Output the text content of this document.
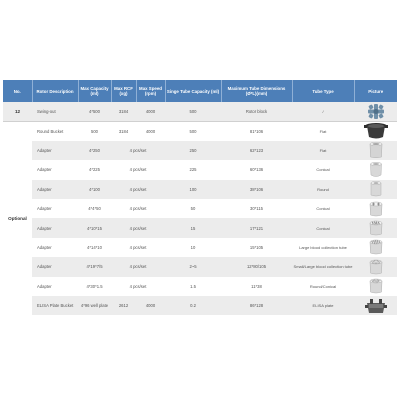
No.	Rotor Description	Max Capacity (ml)	Max RCF (xg)	Max Speed (rpm)	Singe Tube Capacity (ml)	Maximum Tube Dimensions (Ø*L)(mm)	Tube Type	Picture
12	Swing-out	4*500	3184	4000	500	Rotor block	/	

Optional	Round Bucket	500	3184	4000	500	81*106	Flat	

	Adapter	4*250	4 pcs/set		250	62*123	Flat	

	Adapter	4*225	4 pcs/set		225	60*136	Conical	

	Adapter	4*100	4 pcs/set		100	38*106	Round	

	Adapter	4*4*50	4 pcs/set		50	30*115	Conical	

	Adapter	4*10*15	4 pcs/set		15	17*121	Conical	

	Adapter	4*14*10	4 pcs/set		10	15*105	Large blood collection tube	

	Adapter	4*19*7/5	4 pcs/set		2~5	12*80/105	Small/Large blood collection tube	

	Adapter	4*30*1.5	4 pcs/set		1.5	11*38	Round/Conical	

	ELISA Plate Bucket	4*96 well plate	2612	4000	0.2	86*128	ELISA plate	
